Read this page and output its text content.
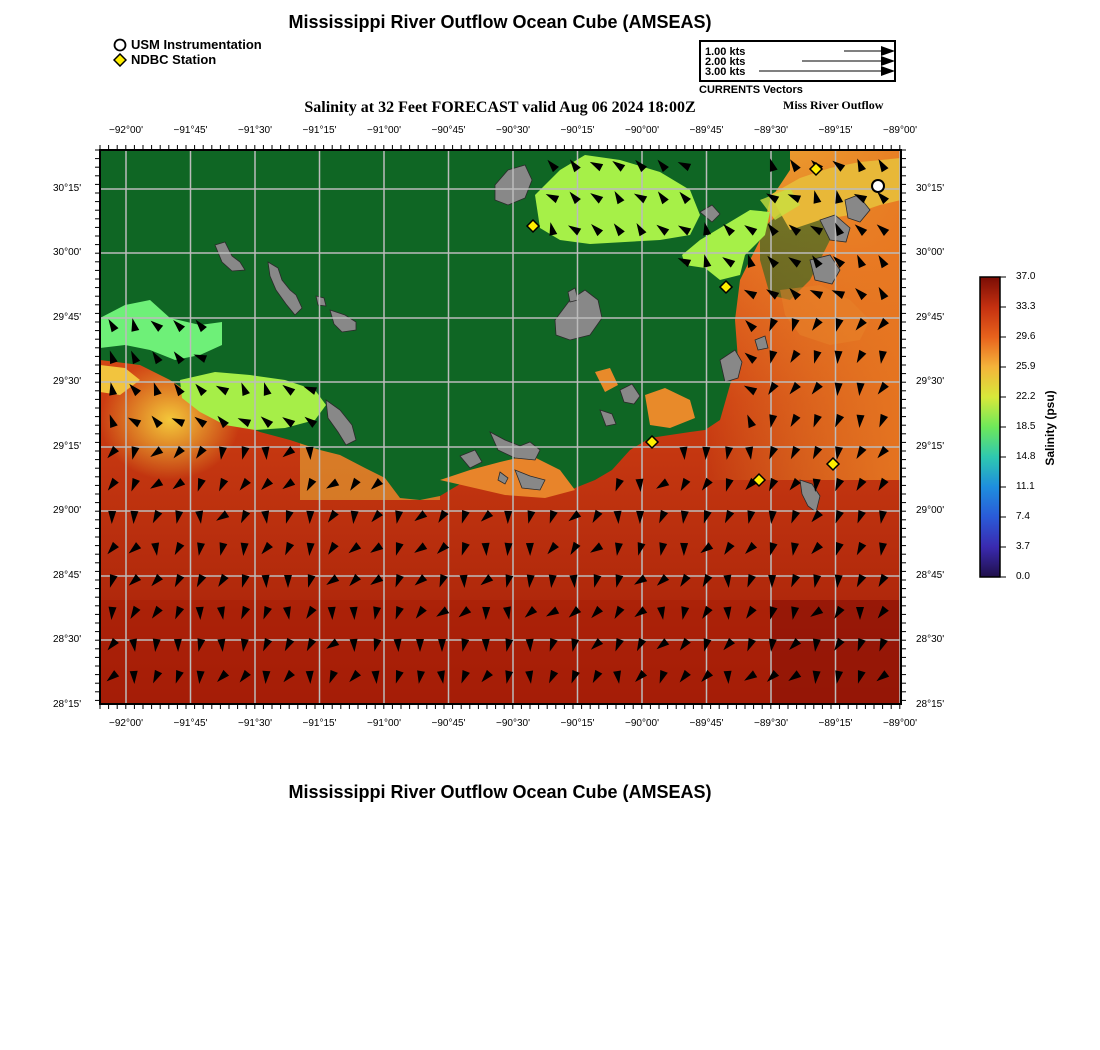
Mississippi River Outflow Ocean Cube (AMSEAS)
USM Instrumentation
NDBC Station	1.00 kts
2.00 kts
3.00 kts
CURRENTS Vectors
Salinity at 32 Feet FORECAST valid Aug 06 2024 18:00Z	Miss River Outflow
Salinity (psu)
Mississippi River Outflow Ocean Cube (AMSEAS)
−92°00'
−92°00'
−91°45'
−91°45'
−91°30'
−91°30'
−91°15'
−91°15'
−91°00'
−91°00'
−90°45'
−90°45'
−90°30'
−90°30'
−90°15'
−90°15'
−90°00'
−90°00'
−89°45'
−89°45'
−89°30'
−89°30'
−89°15'
−89°15'
−89°00'
−89°00'
30°15'	30°15'
30°00'	30°00'
29°45'	29°45'
29°30'	29°30'
29°15'	29°15'
29°00'	29°00'
28°45'	28°45'
28°30'	28°30'
28°15'	28°15'
37.0
33.3
29.6
25.9
22.2
18.5
14.8
11.1
7.4
3.7
0.0
